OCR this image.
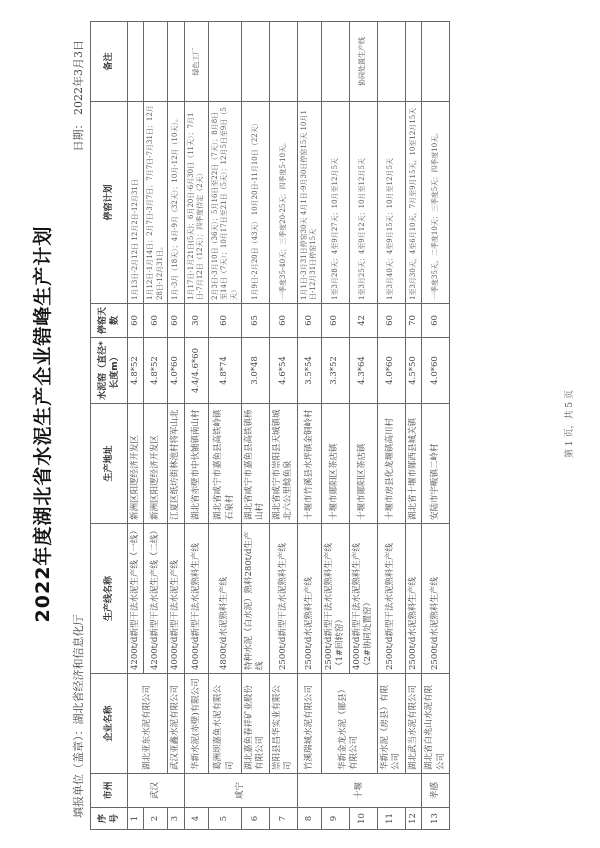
2022年度湖北省水泥生产企业错峰生产计划
填报单位（盖章）：湖北省经济和信息化厅
日期： 2022年3月3日
序号	市州	企业名称	生产线名称	生产地址	水泥窑（直径*长度m）	停窑天数	停窑计划	备注
1	武汉	湖北亚东水泥有限公司	4200t/d新型干法水泥生产线（一线）	新洲区阳逻经济开发区	4.8*52	60	1月13日-2月12日 12月2日-12月31日	
2			4200t/d新型干法水泥生产线（二线）	新洲区阳逻经济开发区	4.8*52	60	1月12日-1月14日；2月7日-3月7日；7月7日-7月31日；12月28日-12月31日。	
3		武汉亚鑫水泥有限公司	4000t/d新型干法水泥生产线	江夏区纸坊街林池村将军山北	4.0*60	60	1月-3月（18天）；4月-9月（32天）；10月-12月（10天）。	
4	咸宁	华新水泥(赤壁)有限公司	4000t/d新型干法水泥熟料生产线	湖北省赤壁市中伙铺镇南山村	4.4/4.6*60	30	1月17日-1月21日(5天)；6月20日-6月30日（11天）；7月1日-7月12日（12天）；四季度待定（2天）	绿色工厂
5		葛洲坝嘉鱼水泥有限公司	4800t/d水泥熟料生产线	湖北省咸宁市嘉鱼县高铁岭镇石泉村	4.8*74	60	2月3日-3月10日（36天）；5月16日至22日（7天）；8月8日至14日（7天）；10月17日至21日（5天）；12月5日至9日（5天）	
6		湖北嘉鱼春祥矿业股份有限公司	特种水泥（白水泥）熟料280t/d生产线	湖北省咸宁市嘉鱼县高铁镇杨山村	3.0*48	65	1月9日-2月20日（43天） 10月20日-11月10日（22天）	
7		崇阳县昌华实业有限公司	2500t/d新型干法水泥熟料生产线	湖北省咸宁市崇阳县天城镇城北六公里鲶鱼泉	4.6*54	60	一季度35-40天；三季度20-25天；四季度5-10天。	
8	十堰	竹溪瑞城水泥有限公司	2500t/d水泥熟料生产线	十堰市竹溪县水坪镇金铜岭村	3.5*54	60	1月1日-3月31日停窑30天 4月1日-9月30日停窑15天 10月1日-12月31日停窑15天	
9		华新金龙水泥（郧县）有限公司	2500t/d新型干法水泥熟料生产线（1#回转窑）	十堰市郧阳区茶店镇	3.3*52	60	1至3月28天；4至9月27天；10月至12月5天	
10			4000t/d新型干法水泥熟料生产线（2#协同处置窑）	十堰市郧阳区茶店镇	4.3*64	42	1至3月25天；4至9月12天；10月至12月5天	协同处置生产线
11		华新水泥（房县）有限公司	2500t/d新型干法水泥熟料生产线	十堰市房县化龙堰镇高川村	4.0*60	60	1至3月40天；4至9月15天；10月至12月5天	
12		湖北武当水泥有限公司	2500t/d水泥熟料生产线	湖北省十堰市郧西县城关镇	4.5*50	70	1至3月30天，4至6月10天，7月至9月15天，10至12月15天	
13	孝感	湖北省白兆山水泥有限公司	2500t/d水泥熟料生产线	安陆市宇畈镇二岭村	4.0*60	60	一季度35天，二季度10天；三季度5天；四季度10天。	
第 1 页，共 5 页
